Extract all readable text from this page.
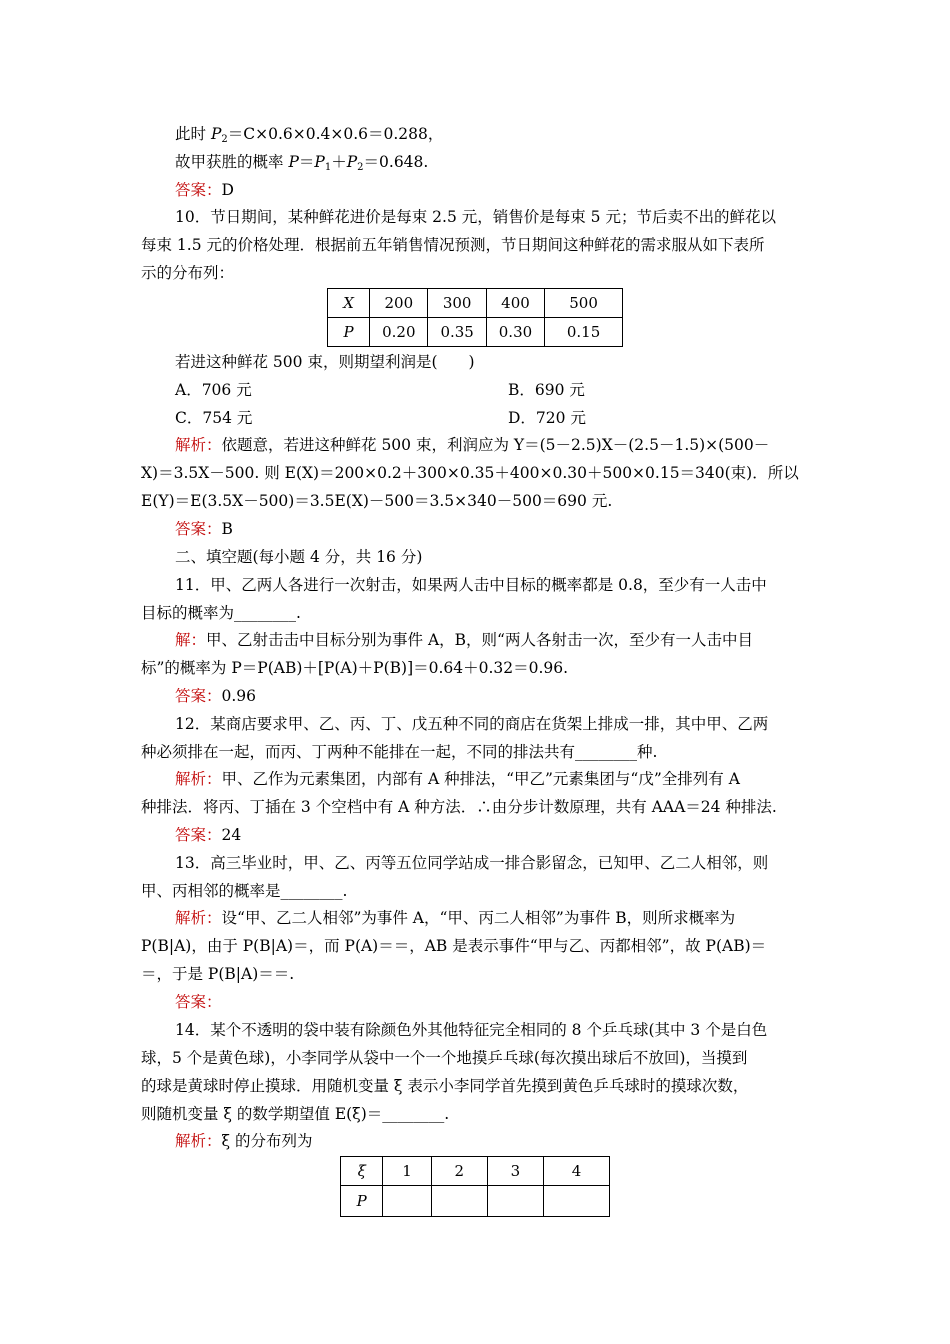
此时 $P_2=C\times 0.6\times 0.4\times 0.6=0.288$，
故甲获胜的概率 $P=P_1+P_2=0.648$.
答案：D
10．节日期间，某种鲜花进价是每束 2.5 元，销售价是每束 5 元；节后卖不出的鲜花以
每束 1.5 元的价格处理．根据前五年销售情况预测，节日期间这种鲜花的需求服从如下表所
示的分布列：
X	200	300	400	500
P	0.20	0.35	0.30	0.15
若进这种鲜花 500 束，则期望利润是(　　)
A．706 元	B．690 元
C．754 元	D．720 元
解析：依题意，若进这种鲜花 500 束，利润应为 Y＝(5－2.5)X－(2.5－1.5)×(500－
X)＝3.5X－500. 则 E(X)＝200×0.2＋300×0.35＋400×0.30＋500×0.15＝340(束)．所以
E(Y)＝E(3.5X－500)＝3.5E(X)－500＝3.5×340－500＝690 元.
答案：B
二、填空题(每小题 4 分，共 16 分)
11．甲、乙两人各进行一次射击，如果两人击中目标的概率都是 0.8，至少有一人击中
目标的概率为________.
解：甲、乙射击击中目标分别为事件 A，B，则“两人各射击一次，至少有一人击中目
标”的概率为 P＝P(AB)＋[P(A)＋P(B)]＝0.64＋0.32＝0.96.
答案：0.96
12．某商店要求甲、乙、丙、丁、戊五种不同的商店在货架上排成一排，其中甲、乙两
种必须排在一起，而丙、丁两种不能排在一起，不同的排法共有________种.
解析：甲、乙作为元素集团，内部有 A 种排法，“甲乙”元素集团与“戊”全排列有 A
种排法．将丙、丁插在 3 个空档中有 A 种方法．∴由分步计数原理，共有 AAA＝24 种排法.
答案：24
13．高三毕业时，甲、乙、丙等五位同学站成一排合影留念，已知甲、乙二人相邻，则
甲、丙相邻的概率是________.
解析：设“甲、乙二人相邻”为事件 A，“甲、丙二人相邻”为事件 B，则所求概率为
P(B|A)，由于 P(B|A)＝，而 P(A)＝＝，AB 是表示事件“甲与乙、丙都相邻”，故 P(AB)＝
＝，于是 P(B|A)＝＝.
答案：
14．某个不透明的袋中装有除颜色外其他特征完全相同的 8 个乒乓球(其中 3 个是白色
球，5 个是黄色球)，小李同学从袋中一个一个地摸乒乓球(每次摸出球后不放回)，当摸到
的球是黄球时停止摸球．用随机变量 ξ 表示小李同学首先摸到黄色乒乓球时的摸球次数，
则随机变量 ξ 的数学期望值 E(ξ)＝________.
解析：ξ 的分布列为
ξ	1	2	3	4
P				
